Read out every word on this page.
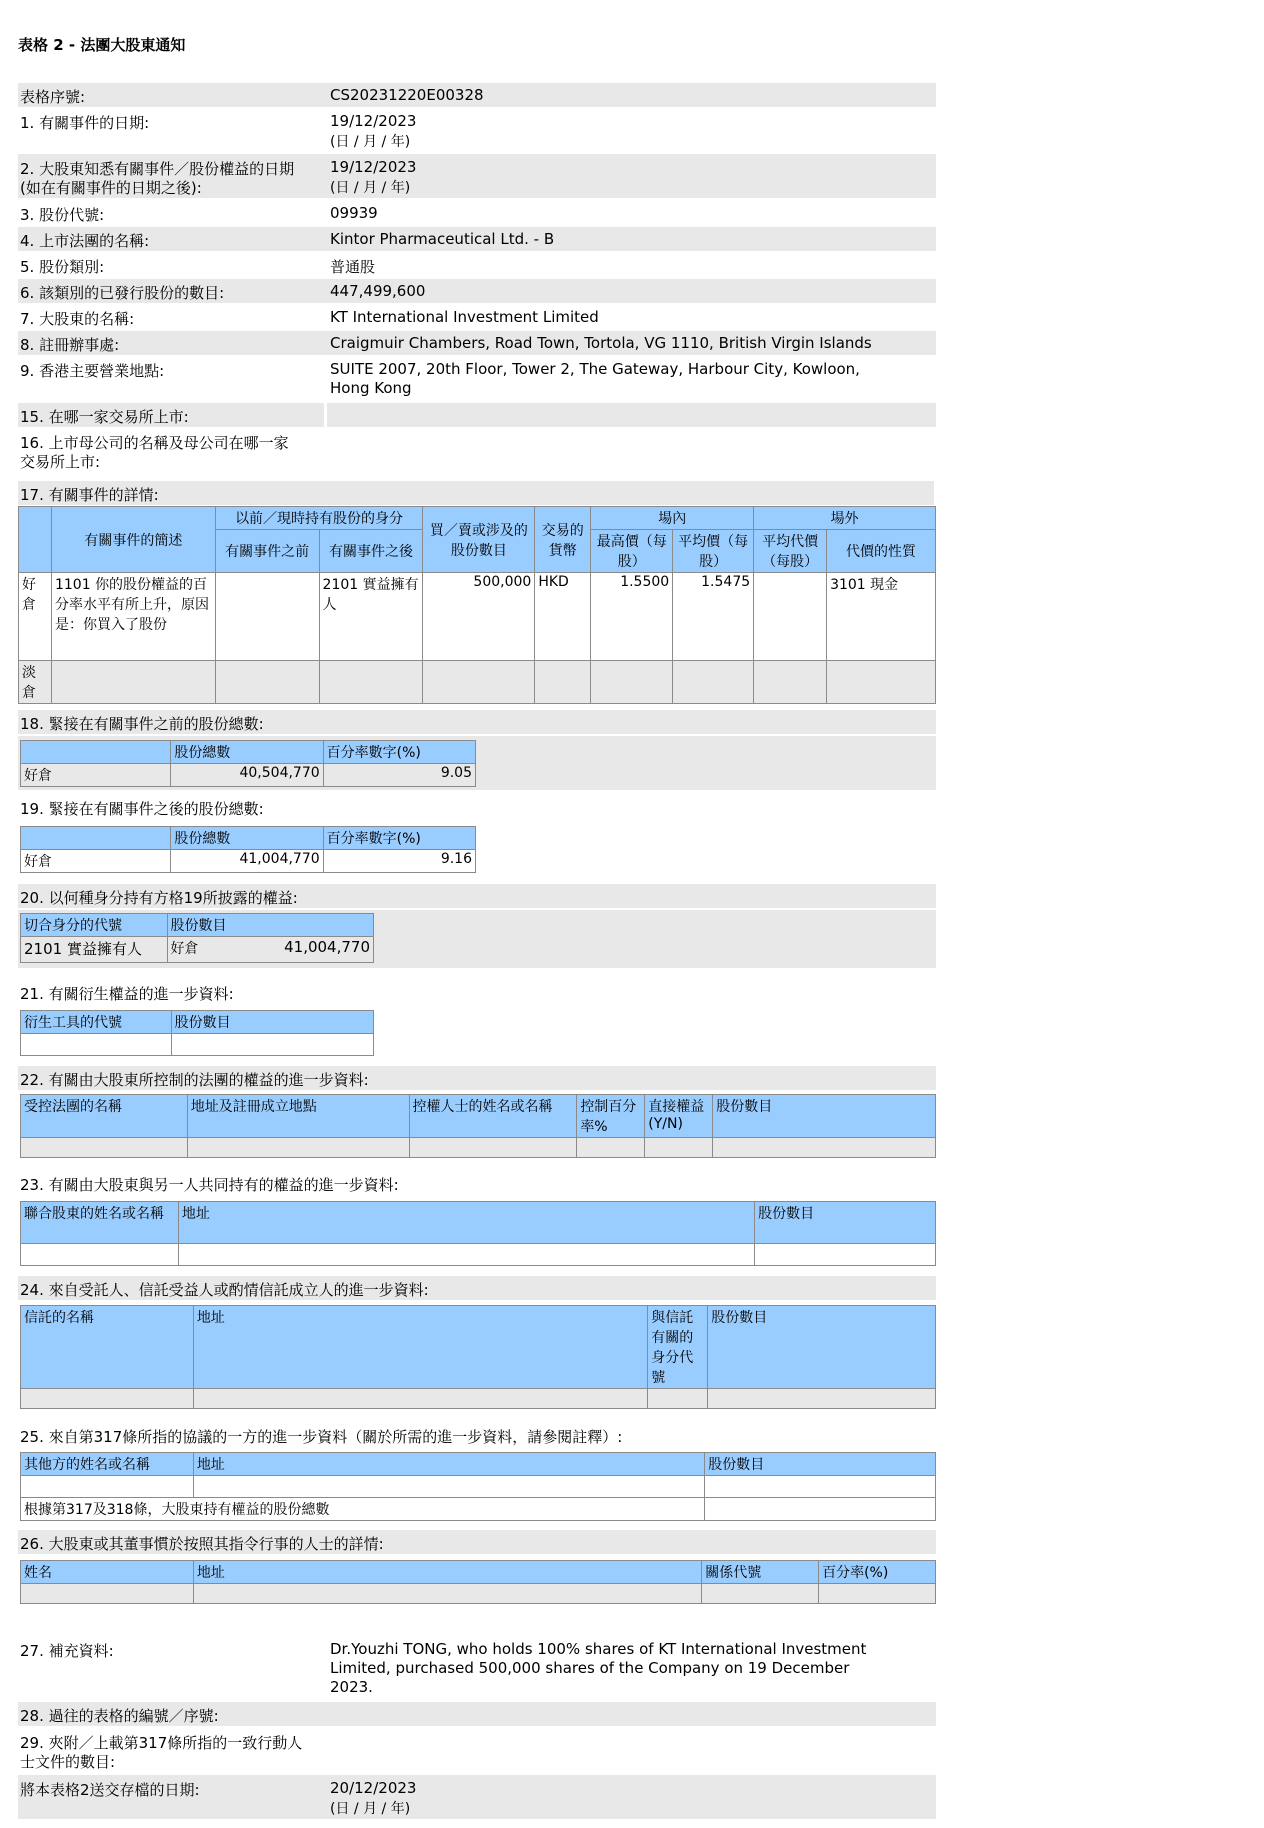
表格 2 - 法團大股東通知
表格序號:	CS20231220E00328
1. 有關事件的日期:	19/12/2023
(日 / 月 / 年)
2. 大股東知悉有關事件／股份權益的日期
(如在有關事件的日期之後):
19/12/2023
(日 / 月 / 年)
3. 股份代號:	09939
4. 上市法團的名稱:	Kintor Pharmaceutical Ltd. - B
5. 股份類別:	普通股
6. 該類別的已發行股份的數目:	447,499,600
7. 大股東的名稱:	KT International Investment Limited
8. 註冊辦事處:	Craigmuir Chambers, Road Town, Tortola, VG 1110, British Virgin Islands
9. 香港主要營業地點:	SUITE 2007, 20th Floor, Tower 2, The Gateway, Harbour City, Kowloon,
Hong Kong
15. 在哪一家交易所上市:
16. 上市母公司的名稱及母公司在哪一家
交易所上市:
17. 有關事件的詳情:
	有關事件的簡述	以前／現時持有股份的身分		買／賣或涉及的股份數目	交易的貨幣	場內		場外	
		有關事件之前	有關事件之後			最高價（每股）	平均價（每股）	平均代價（每股）	代價的性質
好倉	1101 你的股份權益的百分率水平有所上升，原因是：你買入了股份		2101 實益擁有人	500,000	HKD	1.5500	1.5475		3101 現金
淡倉									
18. 緊接在有關事件之前的股份總數:
	股份總數	百分率數字(%)
好倉	40,504,770	9.05
19. 緊接在有關事件之後的股份總數:
	股份總數	百分率數字(%)
好倉	41,004,770	9.16
20. 以何種身分持有方格19所披露的權益:
切合身分的代號	股份數目
2101 實益擁有人	好倉 41,004,770
21. 有關衍生權益的進一步資料:
衍生工具的代號	股份數目

22. 有關由大股東所控制的法團的權益的進一步資料:
受控法團的名稱	地址及註冊成立地點	控權人士的姓名或名稱	控制百分率%	直接權益(Y/N)	股份數目

23. 有關由大股東與另一人共同持有的權益的進一步資料:
聯合股東的姓名或名稱	地址	股份數目

24. 來自受託人、信託受益人或酌情信託成立人的進一步資料:
信託的名稱	地址	與信託有關的身分代號	股份數目

25. 來自第317條所指的協議的一方的進一步資料（關於所需的進一步資料，請參閱註釋）:
其他方的姓名或名稱	地址	股份數目

根據第317及318條，大股東持有權益的股份總數		
26. 大股東或其董事慣於按照其指令行事的人士的詳情:
姓名	地址	關係代號	百分率(%)

27. 補充資料:	Dr.Youzhi TONG, who holds 100% shares of KT International Investment
Limited, purchased 500,000 shares of the Company on 19 December
2023.
28. 過往的表格的編號／序號:
29. 夾附／上載第317條所指的一致行動人
士文件的數目:
將本表格2送交存檔的日期:	20/12/2023
(日 / 月 / 年)
